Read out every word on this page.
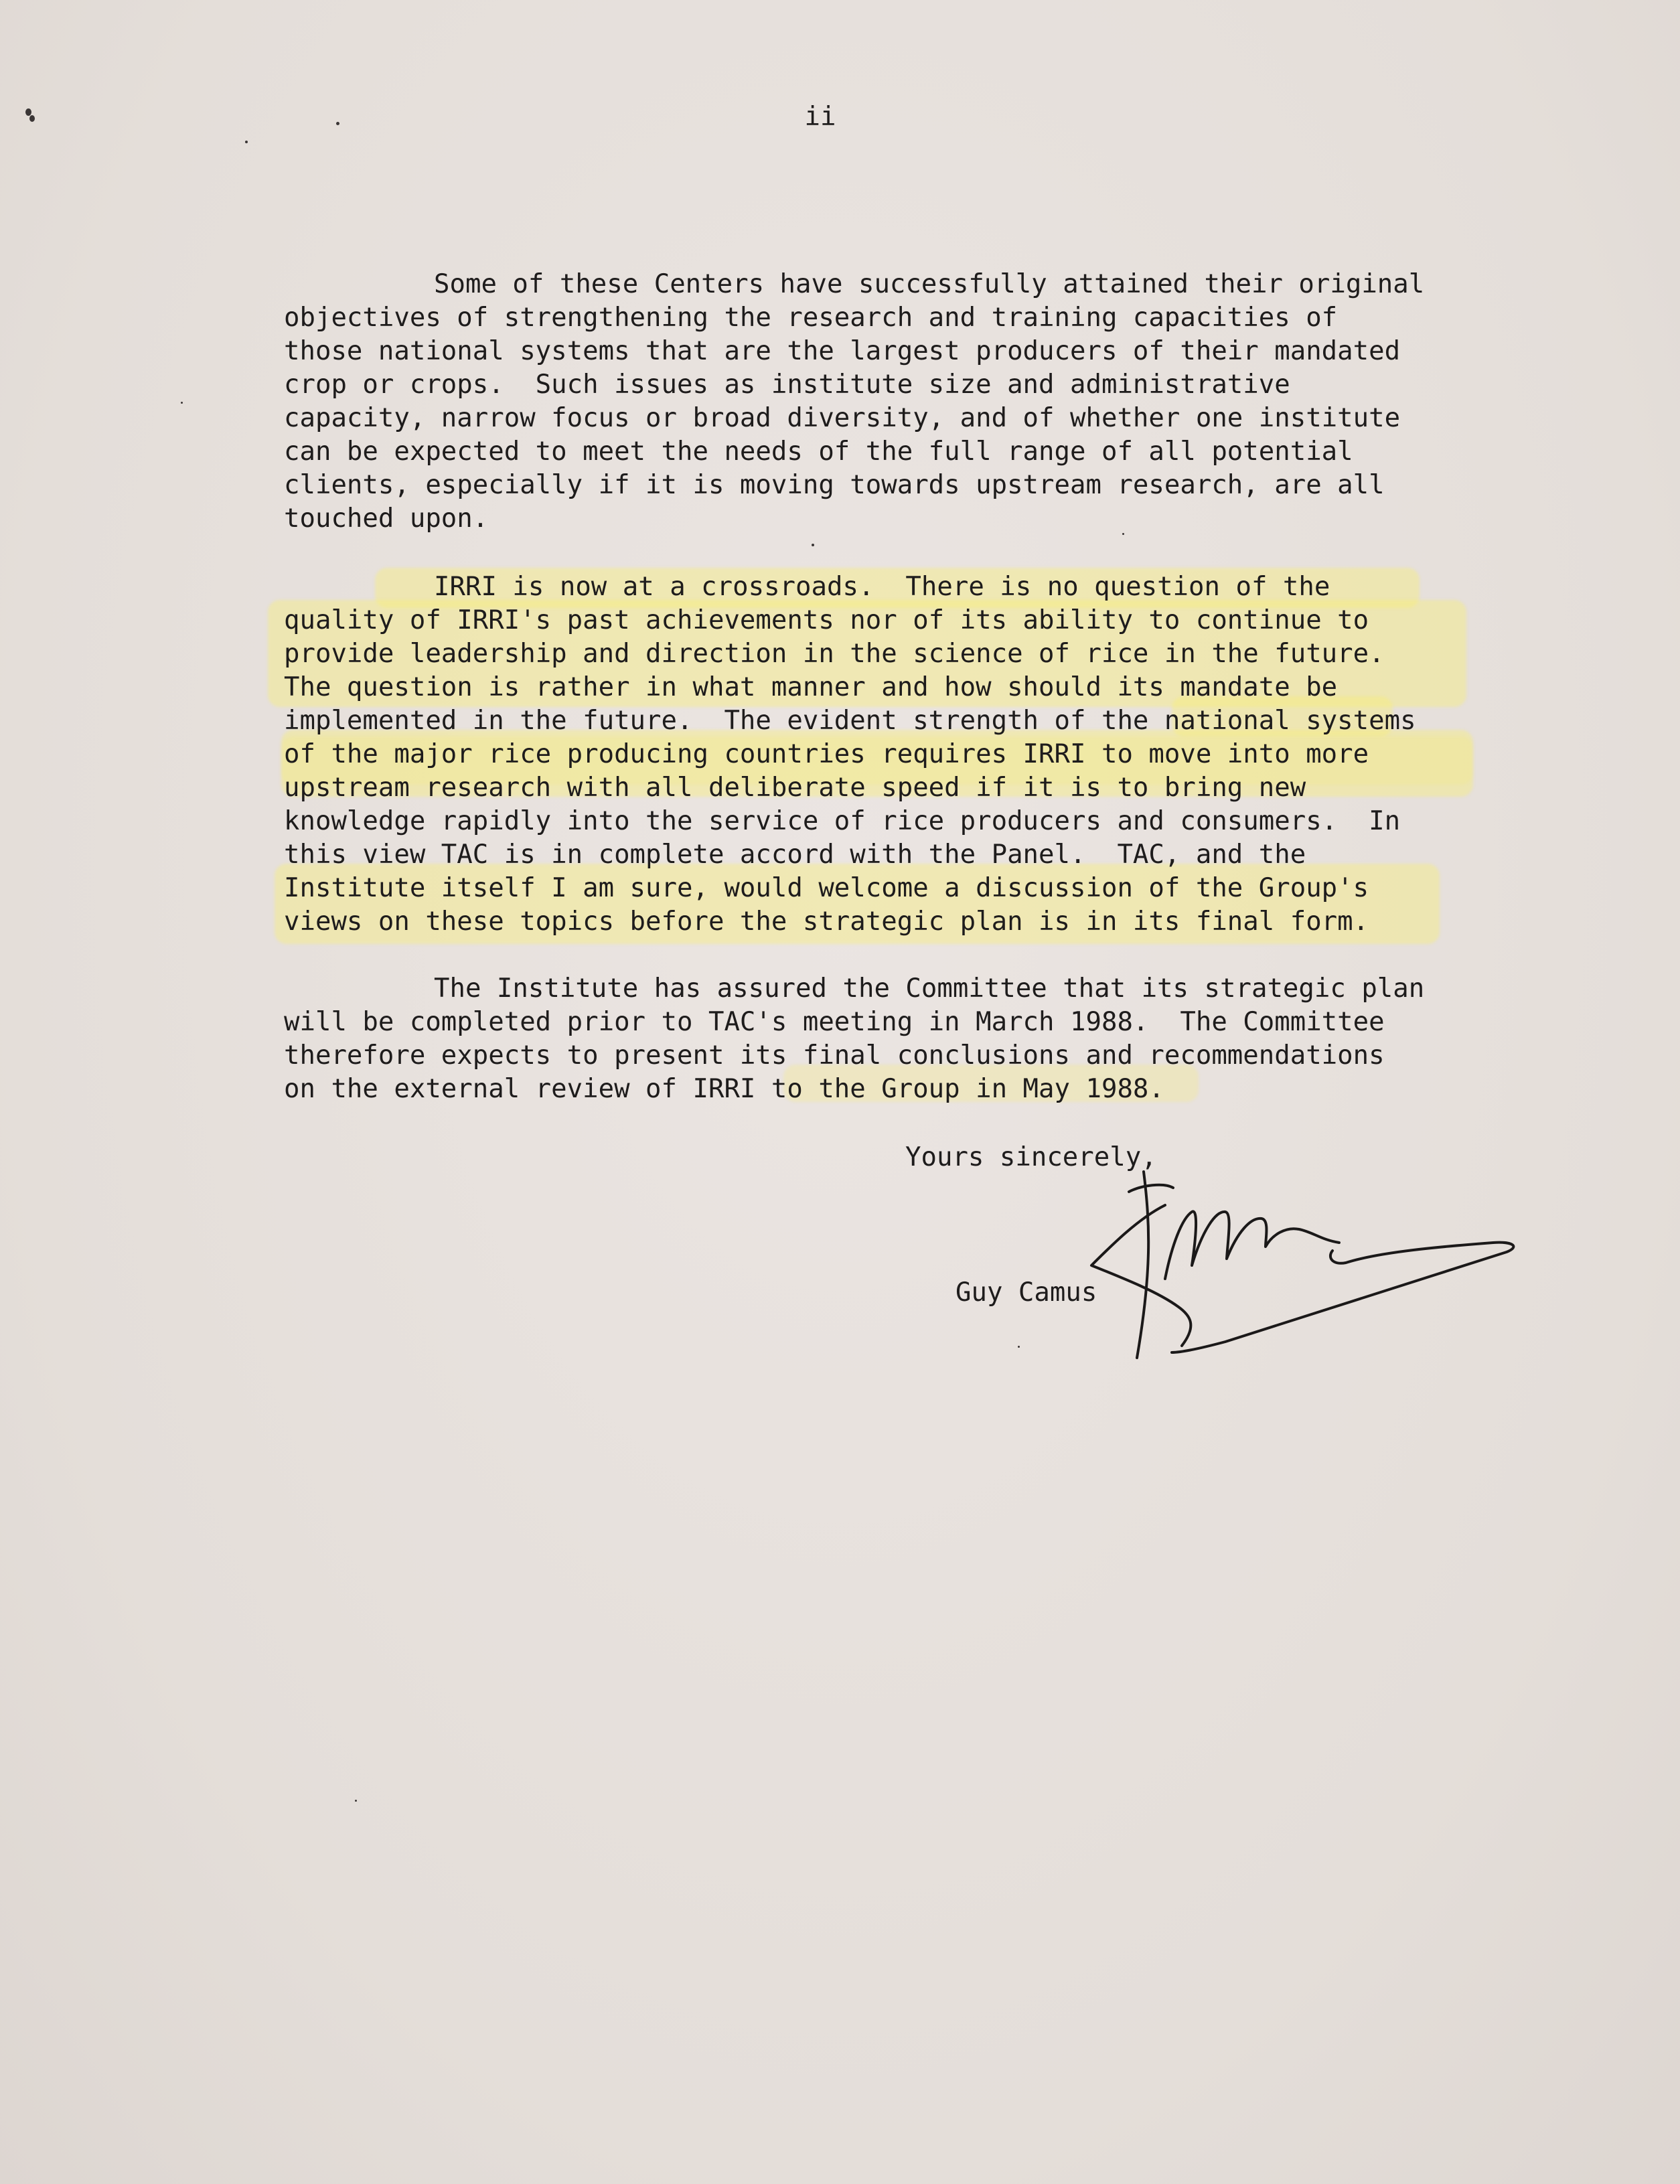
ii
Some of these Centers have successfully attained their original
objectives of strengthening the research and training capacities of
those national systems that are the largest producers of their mandated
crop or crops.  Such issues as institute size and administrative
capacity, narrow focus or broad diversity, and of whether one institute
can be expected to meet the needs of the full range of all potential
clients, especially if it is moving towards upstream research, are all
touched upon.
IRRI is now at a crossroads.  There is no question of the
quality of IRRI's past achievements nor of its ability to continue to
provide leadership and direction in the science of rice in the future.
The question is rather in what manner and how should its mandate be
implemented in the future.  The evident strength of the national systems
of the major rice producing countries requires IRRI to move into more
upstream research with all deliberate speed if it is to bring new
knowledge rapidly into the service of rice producers and consumers.  In
this view TAC is in complete accord with the Panel.  TAC, and the
Institute itself I am sure, would welcome a discussion of the Group's
views on these topics before the strategic plan is in its final form.
The Institute has assured the Committee that its strategic plan
will be completed prior to TAC's meeting in March 1988.  The Committee
therefore expects to present its final conclusions and recommendations
on the external review of IRRI to the Group in May 1988.
Yours sincerely,
Guy Camus
